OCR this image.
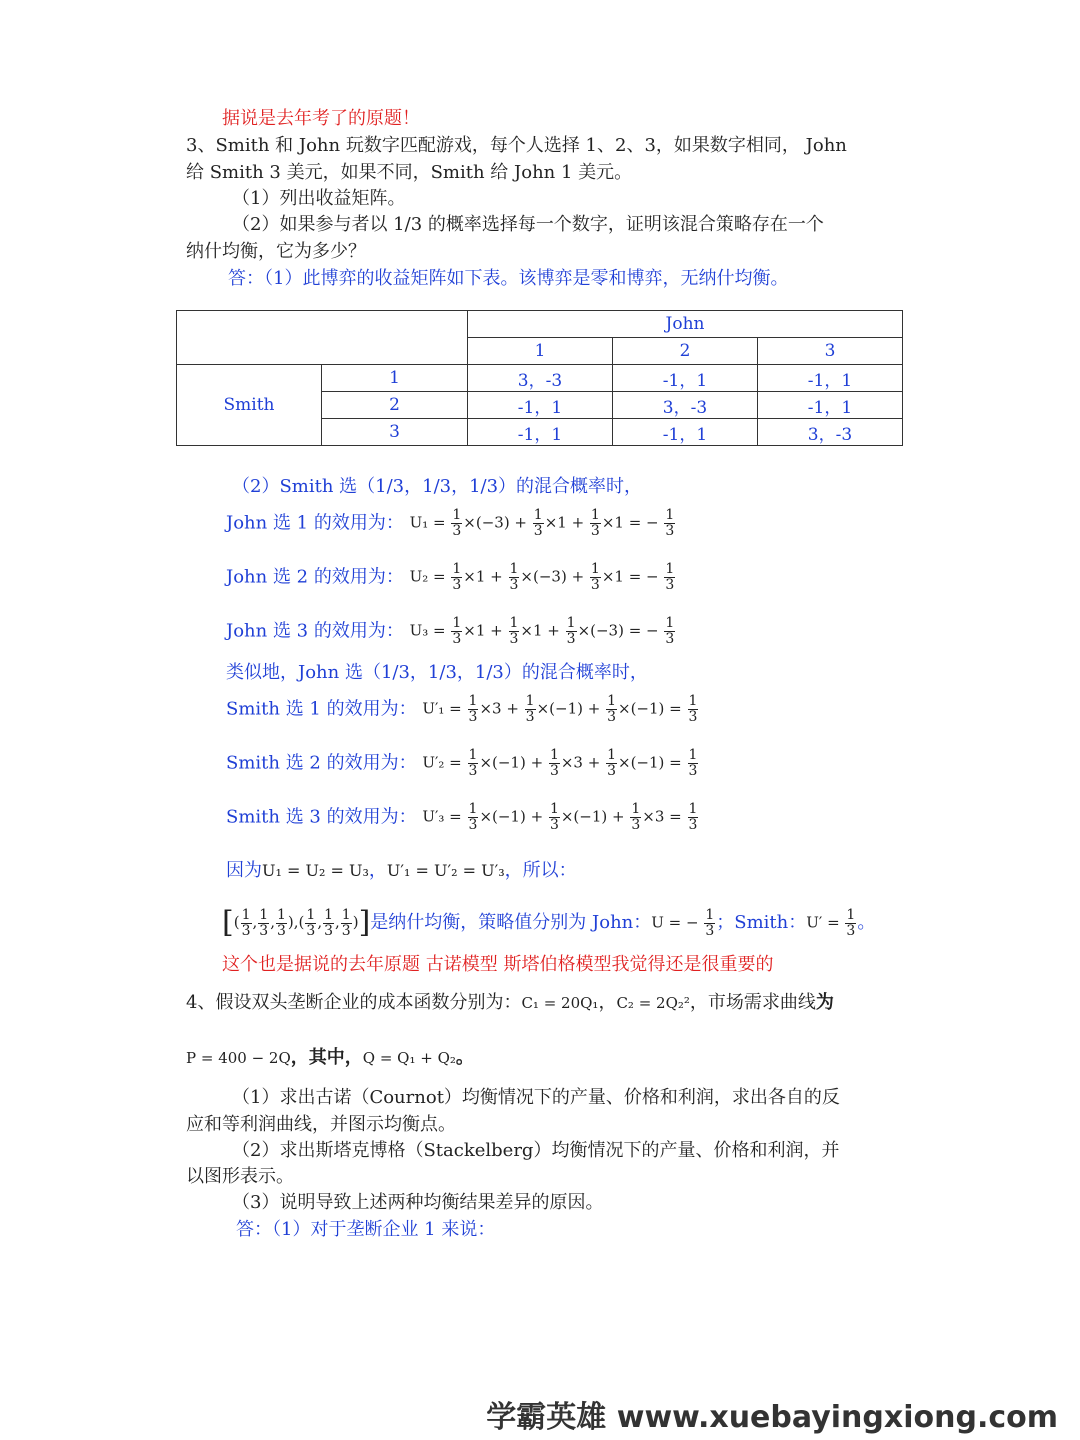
据说是去年考了的原题！
3、Smith 和 John 玩数字匹配游戏，每个人选择 1、2、3，如果数字相同， John
给 Smith 3 美元，如果不同，Smith 给 John 1 美元。
（1）列出收益矩阵。
（2）如果参与者以 1/3 的概率选择每一个数字，证明该混合策略存在一个
纳什均衡，它为多少？
答：（1）此博弈的收益矩阵如下表。该博弈是零和博弈，无纳什均衡。
		John		
		1	2	3
Smith	1	3，-3	-1，1	-1，1
	2	-1，1	3，-3	-1，1
	3	-1，1	-1，1	3，-3
（2）Smith 选（1/3，1/3，1/3）的混合概率时，
John 选 1 的效用为： $U_1 = \frac{1}{3} \times(-3) + \frac{1}{3} \times 1 + \frac{1}{3} \times 1$ = − $\frac{1}{3}$
John 选 2 的效用为： $U_2 = \frac{1}{3} \times 1 + \frac{1}{3} \times(-3) + \frac{1}{3} \times 1$ = − $\frac{1}{3}$
John 选 3 的效用为： $U_3 = \frac{1}{3} \times 1 + \frac{1}{3} \times 1 + \frac{1}{3} \times(-3)$ = − $\frac{1}{3}$
类似地，John 选（1/3，1/3，1/3）的混合概率时，
Smith 选 1 的效用为： $U'_1 = \frac{1}{3} \times 3 + \frac{1}{3} \times(-1) + \frac{1}{3} \times(-1) = \frac{1}{3}$
Smith 选 2 的效用为： $U'_2 = \frac{1}{3} \times(-1) + \frac{1}{3} \times 3 + \frac{1}{3} \times(-1) = \frac{1}{3}$
Smith 选 3 的效用为： $U'_3 = \frac{1}{3} \times(-1) + \frac{1}{3} \times(-1) + \frac{1}{3} \times 3 = \frac{1}{3}$
因为U₁ = U₂ = U₃，U′₁ = U′₂ = U′₃，所以：
[( $\frac{1}{3}$ , $\frac{1}{3}$ , $\frac{1}{3}$ ),( $\frac{1}{3}$ , $\frac{1}{3}$ , $\frac{1}{3}$ )]是纳什均衡，策略值分别为 John：U = − $\frac{1}{3}$ ；Smith：$U' = \frac{1}{3}$ 。
这个也是据说的去年原题 古诺模型 斯塔伯格模型我觉得还是很重要的
4、假设双头垄断企业的成本函数分别为：C₁ = 20Q₁，C₂ = 2Q₂²，市场需求曲线为
P = 400 − 2Q，其中，Q = Q₁ + Q₂。
（1）求出古诺（Cournot）均衡情况下的产量、价格和利润，求出各自的反
应和等利润曲线，并图示均衡点。
（2）求出斯塔克博格（Stackelberg）均衡情况下的产量、价格和利润，并
以图形表示。
（3）说明导致上述两种均衡结果差异的原因。
答：（1）对于垄断企业 1 来说：
学霸英雄 www.xuebayingxiong.com
